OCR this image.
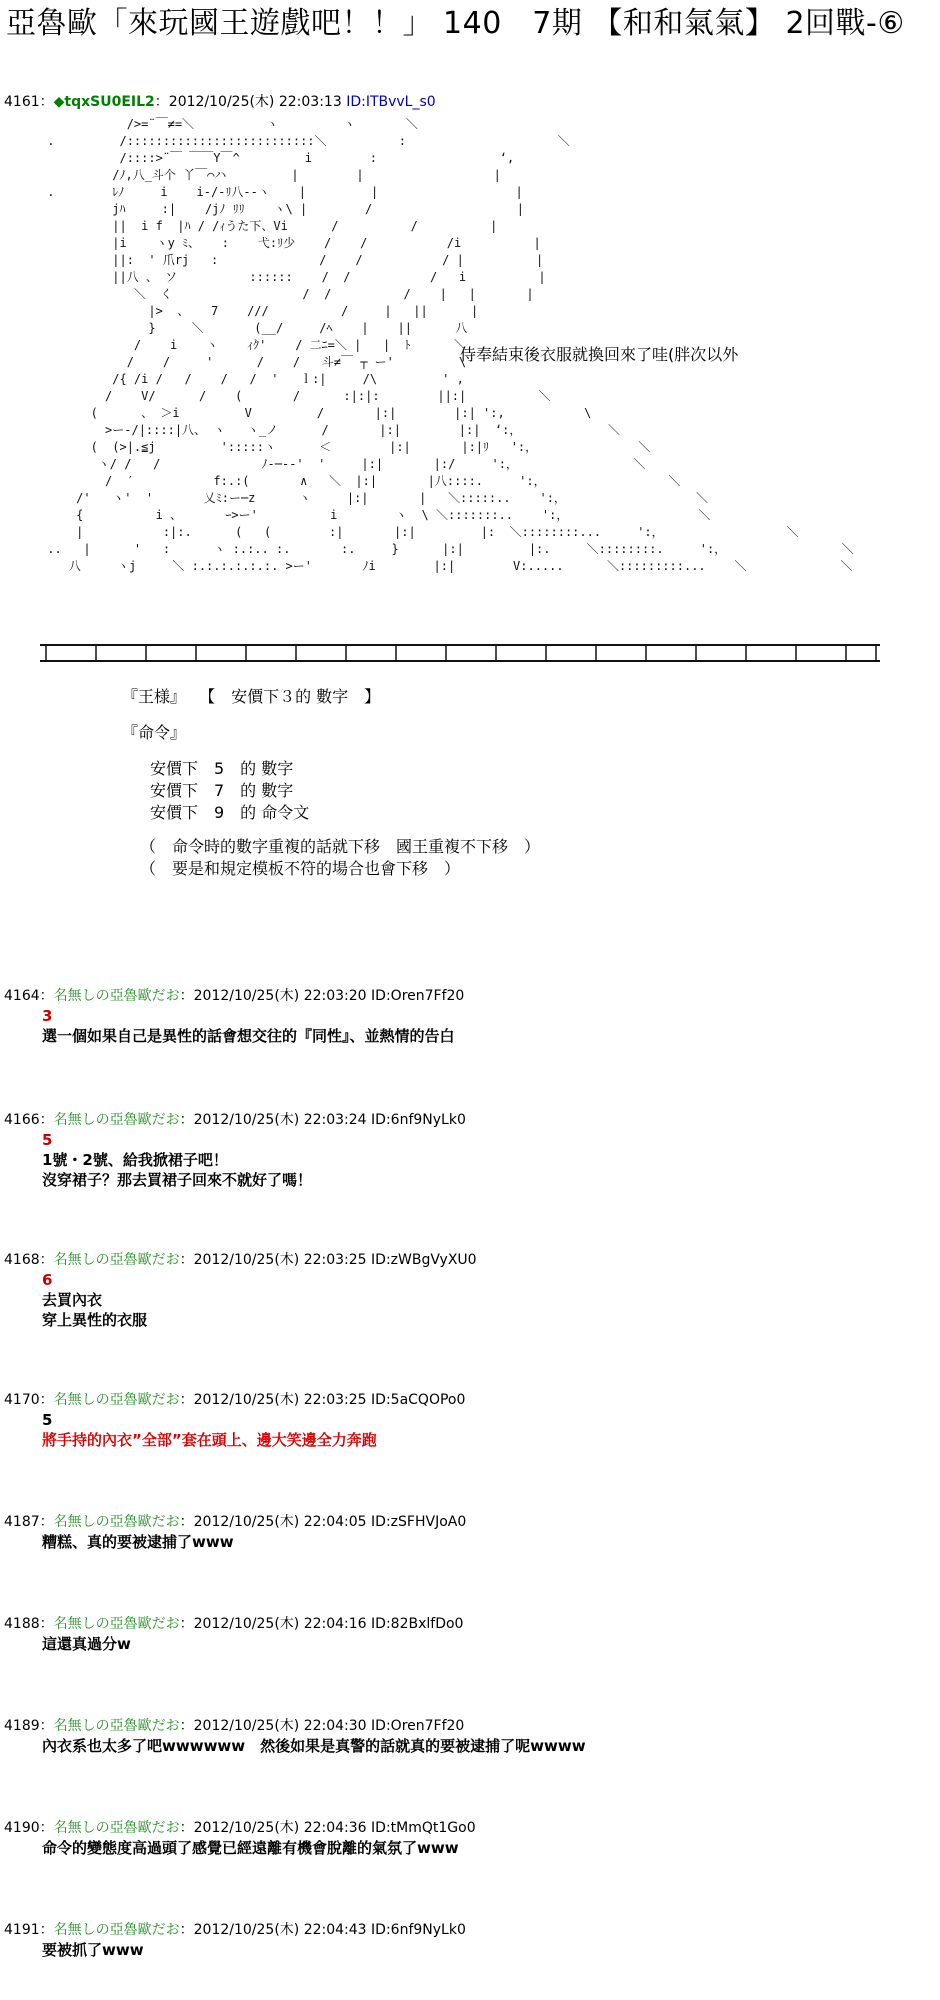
亞魯歐「來玩國王遊戲吧！！」 140　7期 【和和氣氣】 2回戰-⑥
4161：◆tqxSU0EIL2：2012/10/25(木) 22:03:13 ID:ITBvvL_s0
/>=¨￣≠=＼          ヽ         ヽ       ＼
.         /::::::::::::::::::::::::::＼          :                     ＼
/::::>¨￣ ￣￣Y￣^         i        :                 ‘,
/ﾉ,八_斗个 丫￣⌒ハ         |        |                  |
.        ﾚﾉ     i    i-/-ﾘ八-‐ヽ    |         |                   |
jﾊ     :|    /jﾉ ﾘﾘ    ヽ\ |        /                    |
||  i f  |ﾊ / /ｨうた下、Vi      /          /          |
|i    ヽy ﾐ、   :    弋:ﾘ少    /    /           /i          |
||:  ' 爪rj   :              /    /           / |          |
||八 、 ソ          ::::::    /  /           /   i          |
＼  く                  /  /          /    |   |       |
|>  、   7    ///          /     |   ||      |
}     ＼       (__/     /ﾍ    |    ||      八
/    i    ヽ    ｨｸ'    / 二ﾆ=＼ |   |  ﾄ      ＼
/    /     '      /    /   斗≠￣ ┬ ー'         \
/{ /i /   /    /   /  '   ｌ:|     /\         ' ,
/    V/      /    (       /      :|:|:        ||:|          ＼
(      、 ＞i         V         /       |:|        |:| ':,           \
>ー-/|::::|八、 ヽ   ヽ_ノ      /       |:|        |:|  ‘:，            ＼
(  (>|.≦j         ':::::ヽ      ＜        |:|       |:|ﾘ   ':，              ＼
ヽ/ /   /              ﾉ-─‐‐'  '     |:|       |:/     ':，                ＼
/  ′           f:.:(       ∧   ＼  |:|       |八::::.     ':，                 ＼
/'   ヽ'  '       乂ﾐ:ー─z      ヽ     |:|       |   ＼:::::..    ':，                  ＼
{          i 、      ｰ>ー'          i        ヽ  \ ＼:::::::..    ':，                  ＼
|           :|:.      (   (        :|       |:|         |:  ＼::::::::...     ':，                 ＼
..   |      '   :      ヽ :.:.. :.       :.     }      |:|         |:.     ＼::::::::.     ':，                ＼
八     ヽj     ＼ :.:.:.:.:.:. >ー'       ﾉi        |:|        V:.....      ＼:::::::::...    ＼             ＼
侍奉結束後衣服就換回來了哇(胖次以外
『王様』　 【　安價下３的 數字　】
『命令』
安價下　5　的 數字
安價下　7　的 數字
安價下　9　的 命令文
（　命令時的數字重複的話就下移　國王重複不下移　）
（　要是和規定模板不符的場合也會下移　）
4164：名無しの亞魯歐だお：2012/10/25(木) 22:03:20 ID:Oren7Ff20
3
選一個如果自己是異性的話會想交往的『同性』、並熱情的告白
4166：名無しの亞魯歐だお：2012/10/25(木) 22:03:24 ID:6nf9NyLk0
5
1號・2號、給我掀裙子吧！
沒穿裙子？那去買裙子回來不就好了嗎！
4168：名無しの亞魯歐だお：2012/10/25(木) 22:03:25 ID:zWBgVyXU0
6
去買內衣
穿上異性的衣服
4170：名無しの亞魯歐だお：2012/10/25(木) 22:03:25 ID:5aCQOPo0
5
將手持的內衣”全部”套在頭上、邊大笑邊全力奔跑
4187：名無しの亞魯歐だお：2012/10/25(木) 22:04:05 ID:zSFHVJoA0
糟糕、真的要被逮捕了www
4188：名無しの亞魯歐だお：2012/10/25(木) 22:04:16 ID:82BxlfDo0
這還真過分w
4189：名無しの亞魯歐だお：2012/10/25(木) 22:04:30 ID:Oren7Ff20
內衣系也太多了吧wwwwww　然後如果是真警的話就真的要被逮捕了呢wwww
4190：名無しの亞魯歐だお：2012/10/25(木) 22:04:36 ID:tMmQt1Go0
命令的變態度高過頭了感覺已經遠離有機會脫離的氣氛了www
4191：名無しの亞魯歐だお：2012/10/25(木) 22:04:43 ID:6nf9NyLk0
要被抓了www
